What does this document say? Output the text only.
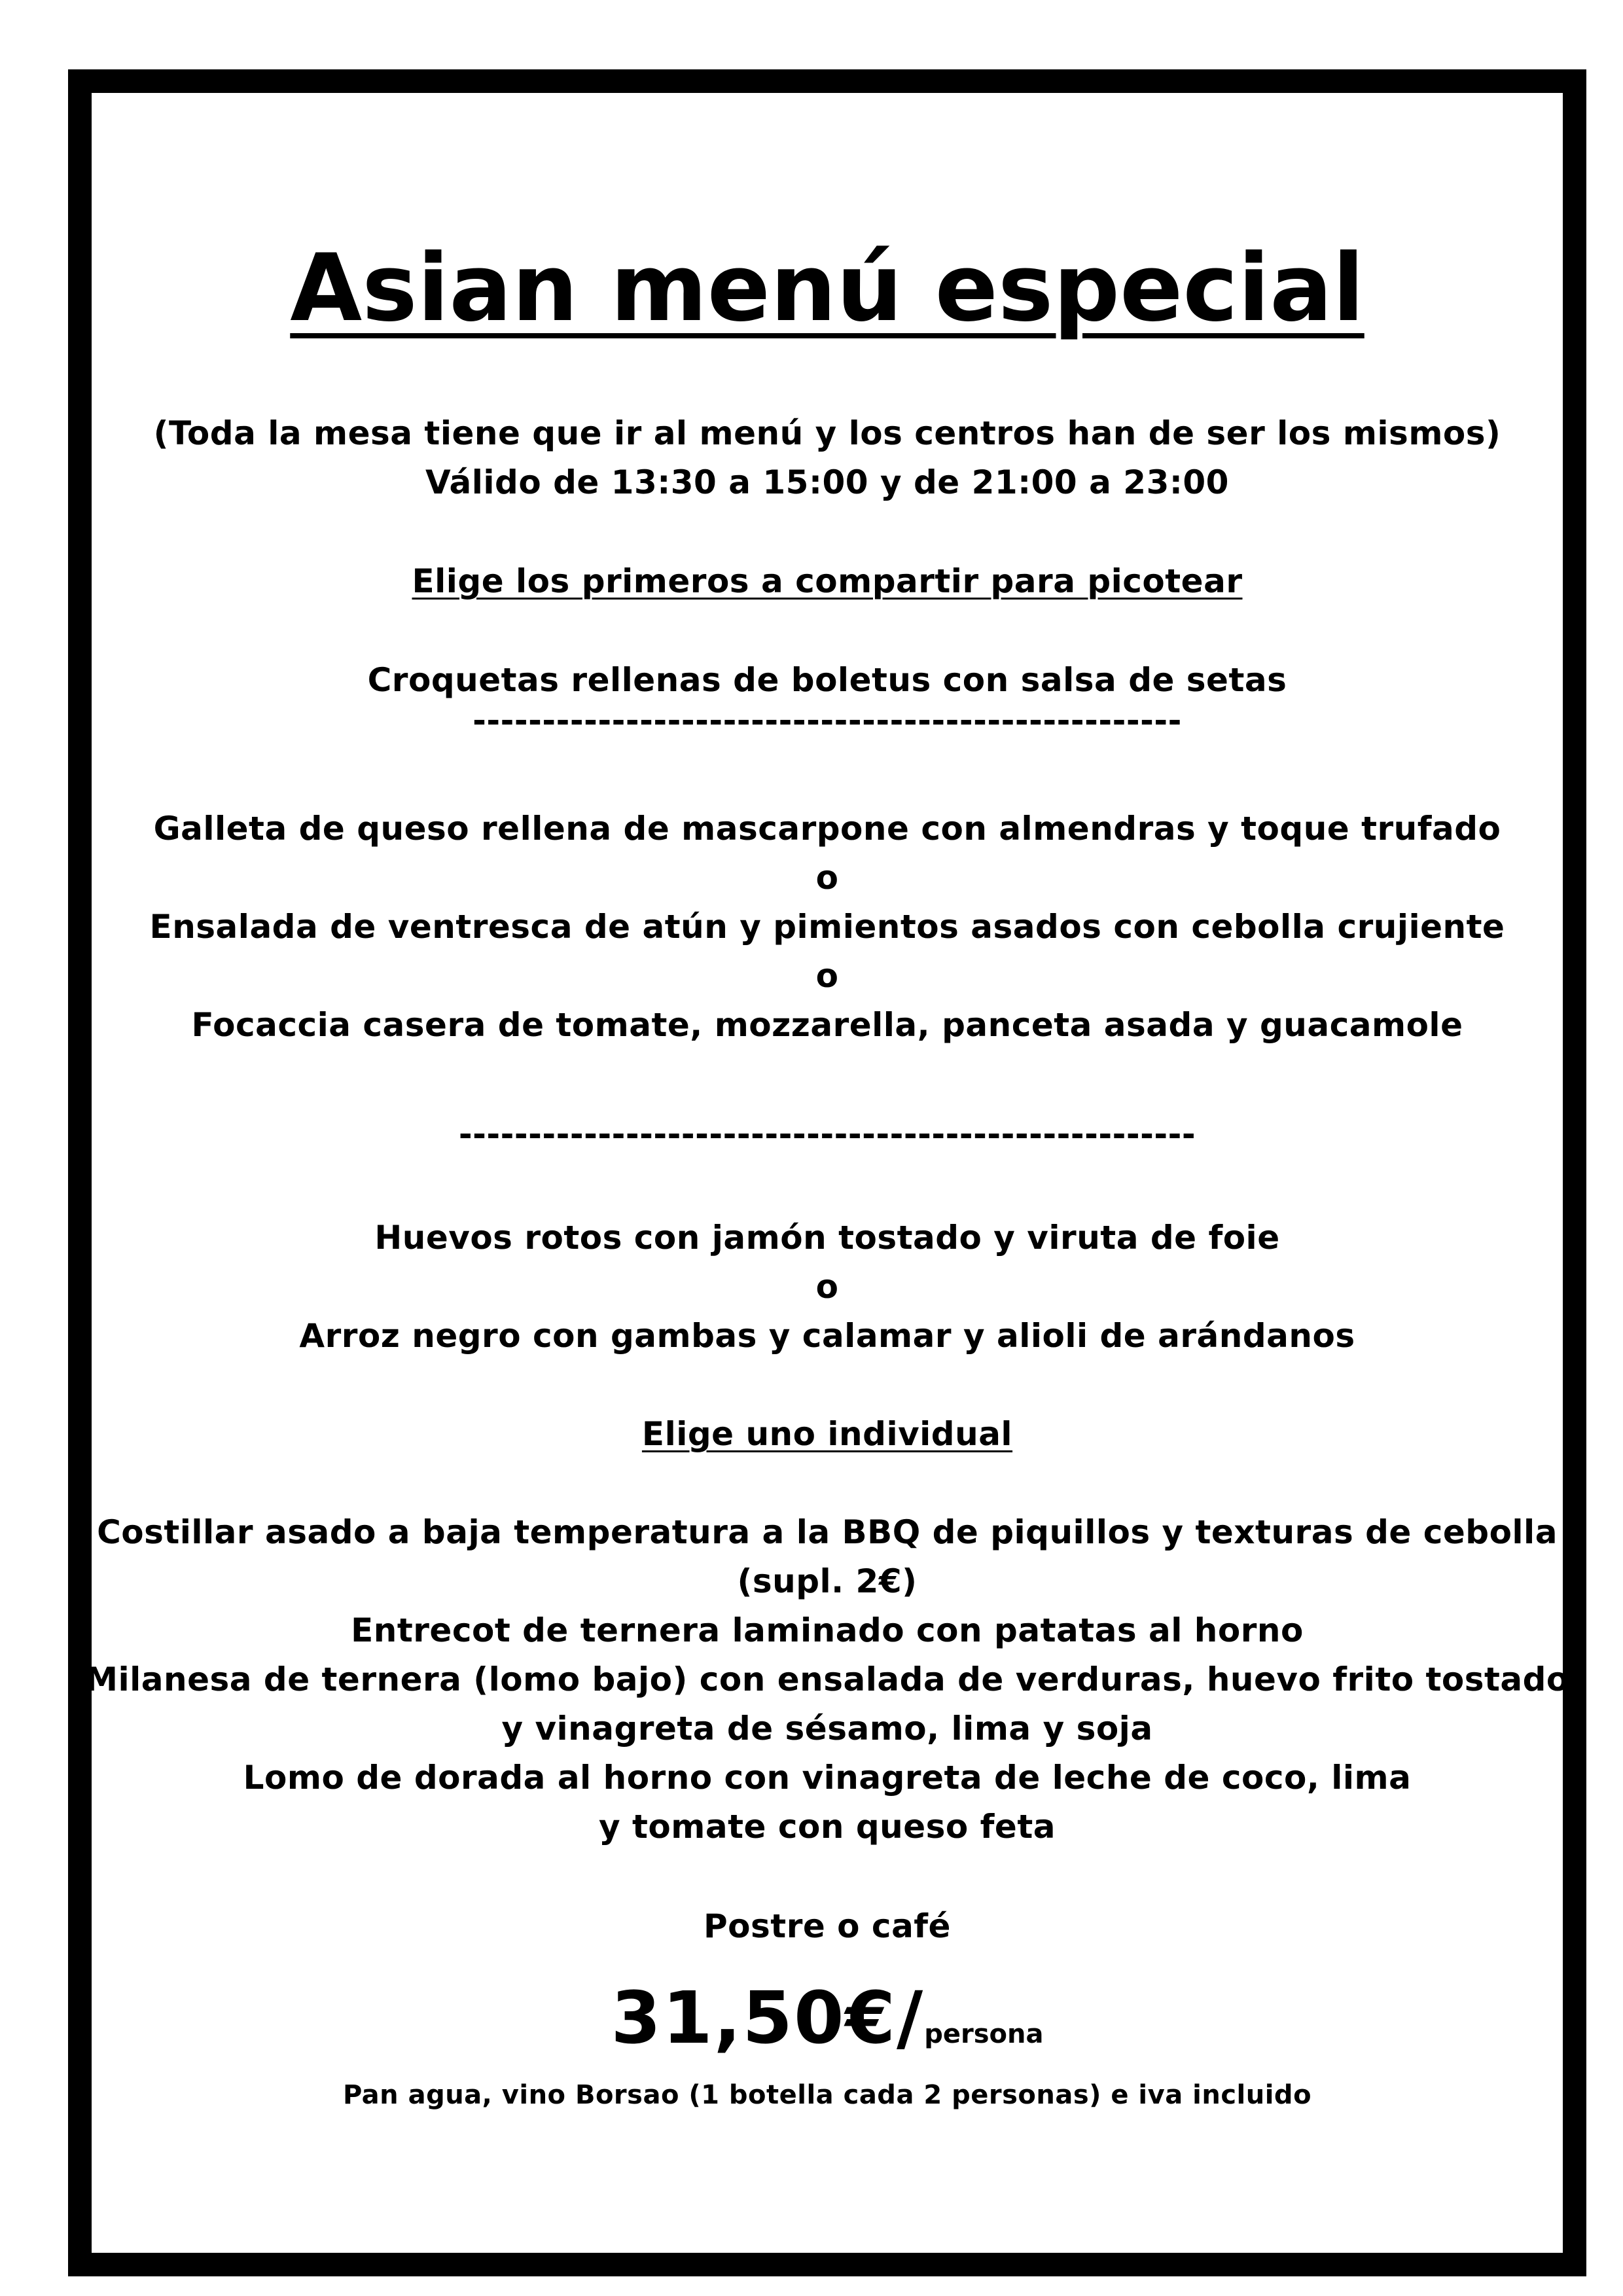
Asian menú especial
(Toda la mesa tiene que ir al menú y los centros han de ser los mismos)
Válido de 13:30 a 15:00 y de 21:00 a 23:00
Elige los primeros a compartir para picotear
Croquetas rellenas de boletus con salsa de setas
---------------------------------------------------
Galleta de queso rellena de mascarpone con almendras y toque trufado
o
Ensalada de ventresca de atún y pimientos asados con cebolla crujiente
o
Focaccia casera de tomate, mozzarella, panceta asada y guacamole
-----------------------------------------------------
Huevos rotos con jamón tostado y viruta de foie
o
Arroz negro con gambas y calamar y alioli de arándanos
Elige uno individual
Costillar asado a baja temperatura a la BBQ de piquillos y texturas de cebolla
(supl. 2€)
Entrecot de ternera laminado con patatas al horno
Milanesa de ternera (lomo bajo) con ensalada de verduras, huevo frito tostado
y vinagreta de sésamo, lima y soja
Lomo de dorada al horno con vinagreta de leche de coco, lima
y tomate con queso feta
Postre o café
31,50€/persona
Pan agua, vino Borsao (1 botella cada 2 personas) e iva incluido
